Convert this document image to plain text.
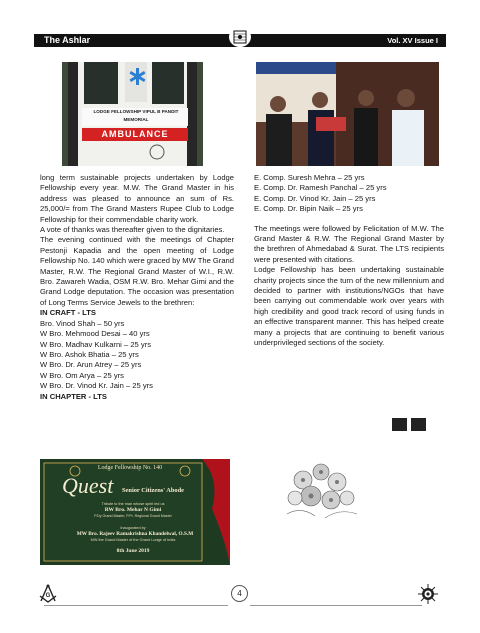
The Ashlar	Vol. XV Issue I
LODGE FELLOWSHIP VIPUL B PANDIT
MEMORIAL
AMBULANCE

long term sustainable projects undertaken by Lodge Fellowship every year. M.W. The Grand Master in his address was pleased to announce an sum of Rs. 25,000/= from The Grand Masters Rupee Club to Lodge Fellowship for their commendable charity work.

A vote of thanks was thereafter given to the dignitaries.

The evening continued with the meetings of Chapter Pestonji Kapadia and the open meeting of Lodge Fellowship No. 140 which were graced by MW The Grand Master, R.W. The Regional Grand Master of W.I., R.W. Bro. Zawareh Wadia, OSM R.W. Bro. Mehar Gimi and the Grand Lodge deputation. The occasion was presentation of Long Terms Service Jewels to the brethren:

IN CRAFT - LTS

Bro. Vinod Shah – 50 yrs

W Bro. Mehmood Desai – 40 yrs

W Bro. Madhav Kulkarni – 25 yrs

W Bro. Ashok Bhatia – 25 yrs

W Bro. Dr. Arun Atrey – 25 yrs

W Bro. Om Arya – 25 yrs

W Bro. Dr. Vinod Kr. Jain – 25 yrs

IN CHAPTER - LTS

E. Comp. Suresh Mehra – 25 yrs

E. Comp. Dr. Ramesh Panchal – 25 yrs

E. Comp. Dr. Vinod Kr. Jain – 25 yrs

E. Comp. Dr. Bipin Naik – 25 yrs

The meetings were followed by Felicitation of M.W. The Grand Master & R.W. The Regional Grand Master by the brethren of Ahmedabad & Surat. The LTS recipients were presented with citations.

Lodge Fellowship has been undertaking sustainable charity projects since the turn of the new millennium and decided to partner with institutions/NGOs that have been carrying out commendable work over years with high credibility and good track record of using funds in an effective transparent manner. This has helped create many a projects that are continuing to benefit various underprivileged sections of the society.

Lodge Fellowship No. 140
Quest Senior Citizens' Abode
Tribute to the man whose spirit led us
RW Bro. Mehar N Gimi
P.Dy Grand Master, P.Pr. Regional Grand Master
Inaugurated by
MW Bro. Rajeev Ramakrishna Khandelwal, O.S.M
MW the Grand Master of the Grand Lodge of India
8th June 2019
4
G
